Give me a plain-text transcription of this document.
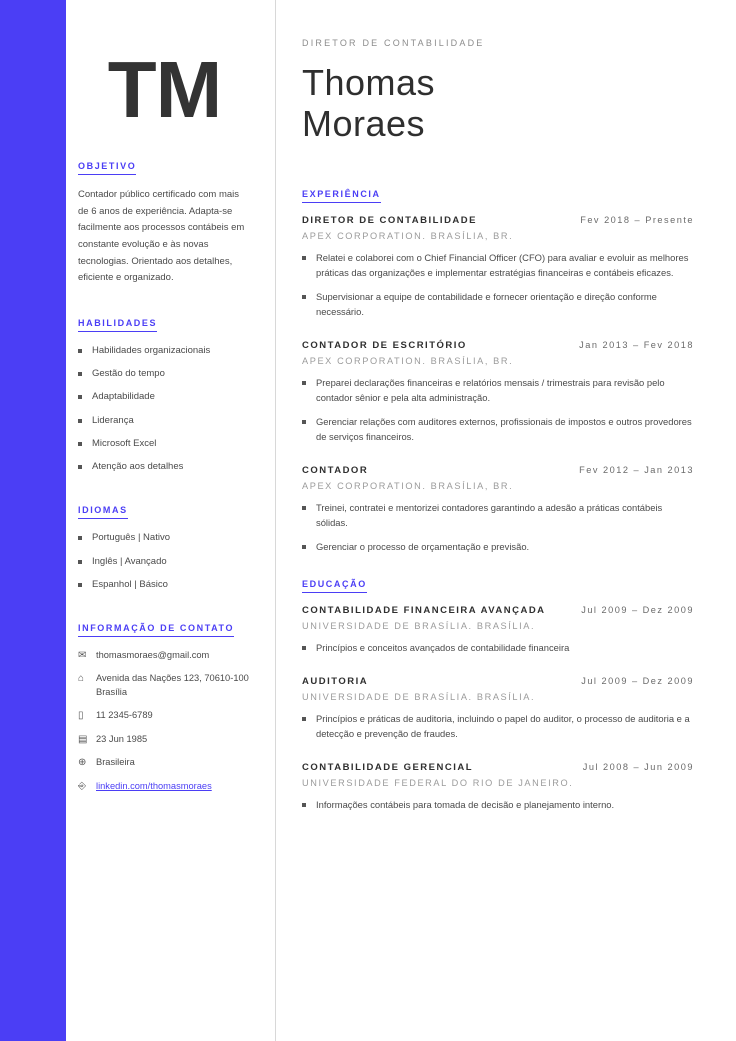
TM
OBJETIVO

Contador público certificado com mais de 6 anos de experiência. Adapta-se facilmente aos processos contábeis em constante evolução e às novas tecnologias. Orientado aos detalhes, eficiente e organizado.

HABILIDADES
Habilidades organizacionais
Gestão do tempo
Adaptabilidade
Liderança
Microsoft Excel
Atenção aos detalhes
IDIOMAS
Português | Nativo
Inglês | Avançado
Espanhol | Básico
INFORMAÇÃO DE CONTATO
✉	thomasmoraes@gmail.com
⌂	Avenida das Nações 123, 70610-100 Brasília
▯	11 2345-6789
▤ 23 Jun 1985
⊕	Brasileira
⎆	linkedin.com/thomasmoraes
DIRETOR DE CONTABILIDADE
Thomas
Moraes
EXPERIÊNCIA
DIRETOR DE CONTABILIDADE	Fev 2018 – Presente
APEX CORPORATION. BRASÍLIA, BR.
Relatei e colaborei com o Chief Financial Officer (CFO) para avaliar e evoluir as melhores práticas das organizações e implementar estratégias financeiras e contábeis eficazes.
Supervisionar a equipe de contabilidade e fornecer orientação e direção conforme necessário.
CONTADOR DE ESCRITÓRIO	Jan 2013 – Fev 2018
APEX CORPORATION. BRASÍLIA, BR.
Preparei declarações financeiras e relatórios mensais / trimestrais para revisão pelo contador sênior e pela alta administração.
Gerenciar relações com auditores externos, profissionais de impostos e outros provedores de serviços financeiros.
CONTADOR	Fev 2012 – Jan 2013
APEX CORPORATION. BRASÍLIA, BR.
Treinei, contratei e mentorizei contadores garantindo a adesão a práticas contábeis sólidas.
Gerenciar o processo de orçamentação e previsão.
EDUCAÇÃO
CONTABILIDADE FINANCEIRA AVANÇADA	Jul 2009 – Dez 2009
UNIVERSIDADE DE BRASÍLIA. BRASÍLIA.
Princípios e conceitos avançados de contabilidade financeira
AUDITORIA	Jul 2009 – Dez 2009
UNIVERSIDADE DE BRASÍLIA. BRASÍLIA.
Princípios e práticas de auditoria, incluindo o papel do auditor, o processo de auditoria e a detecção e prevenção de fraudes.
CONTABILIDADE GERENCIAL	Jul 2008 – Jun 2009
UNIVERSIDADE FEDERAL DO RIO DE JANEIRO.
Informações contábeis para tomada de decisão e planejamento interno.
